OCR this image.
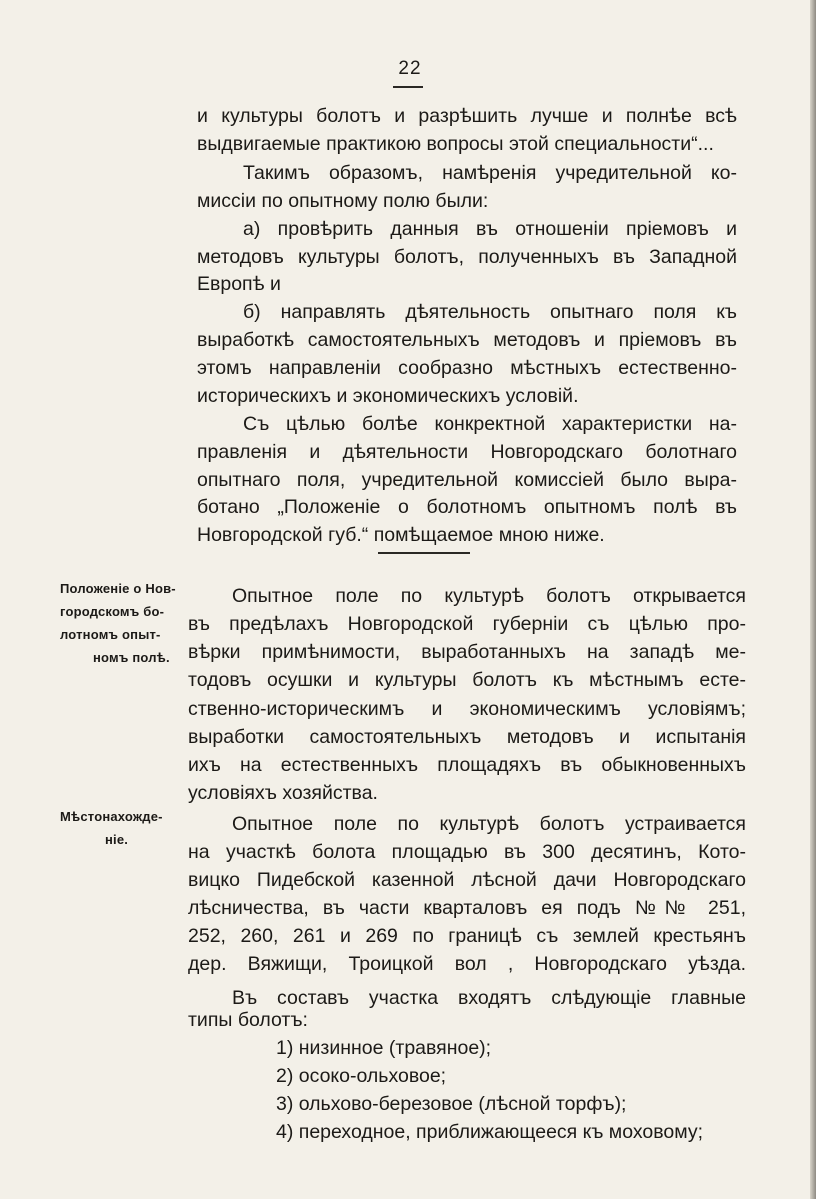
22
и культуры болотъ и разрѣшить лучше и полнѣе всѣ
выдвигаемые практикою вопросы этой специальности“...
Такимъ образомъ, намѣренія учредительной ко-
миссіи по опытному полю были:
а) провѣрить данныя въ отношеніи пріемовъ и
методовъ культуры болотъ, полученныхъ въ Западной
Европѣ и
б) направлять дѣятельность опытнаго поля къ
выработкѣ самостоятельныхъ методовъ и пріемовъ въ
этомъ направленіи сообразно мѣстныхъ естественно-
историческихъ и экономическихъ условій.
Съ цѣлью болѣе конкректной характеристки на-
правленія и дѣятельности Новгородскаго болотнаго
опытнаго поля, учредительной комиссіей было выра-
ботано „Положеніе о болотномъ опытномъ полѣ въ
Новгородской губ.“ помѣщаемое мною ниже.
Положеніе о Нов-
городскомъ бо-
лотномъ опыт-
номъ полѣ.
Опытное поле по культурѣ болотъ открывается
въ предѣлахъ Новгородской губерніи съ цѣлью про-
вѣрки примѣнимости, выработанныхъ на западѣ ме-
тодовъ осушки и культуры болотъ къ мѣстнымъ есте-
ственно-историческимъ и экономическимъ условіямъ;
выработки самостоятельныхъ методовъ и испытанія
ихъ на естественныхъ площадяхъ въ обыкновенныхъ
условіяхъ хозяйства.
Мѣстонахожде-
ніе.
Опытное поле по культурѣ болотъ устраивается
на участкѣ болота площадью въ 300 десятинъ, Кото-
вицко Пидебской казенной лѣсной дачи Новгородскаго
лѣсничества, въ части кварталовъ ея подъ №№ 251,
252, 260, 261 и 269 по границѣ съ землей крестьянъ
дер. Вяжищи, Троицкой вол , Новгородскаго уѣзда.
Въ составъ участка входятъ слѣдующіе главные
типы болотъ:
1) низинное (травяное);
2) осоко-ольховое;
3) ольхово-березовое (лѣсной торфъ);
4) переходное, приближающееся къ моховому;
